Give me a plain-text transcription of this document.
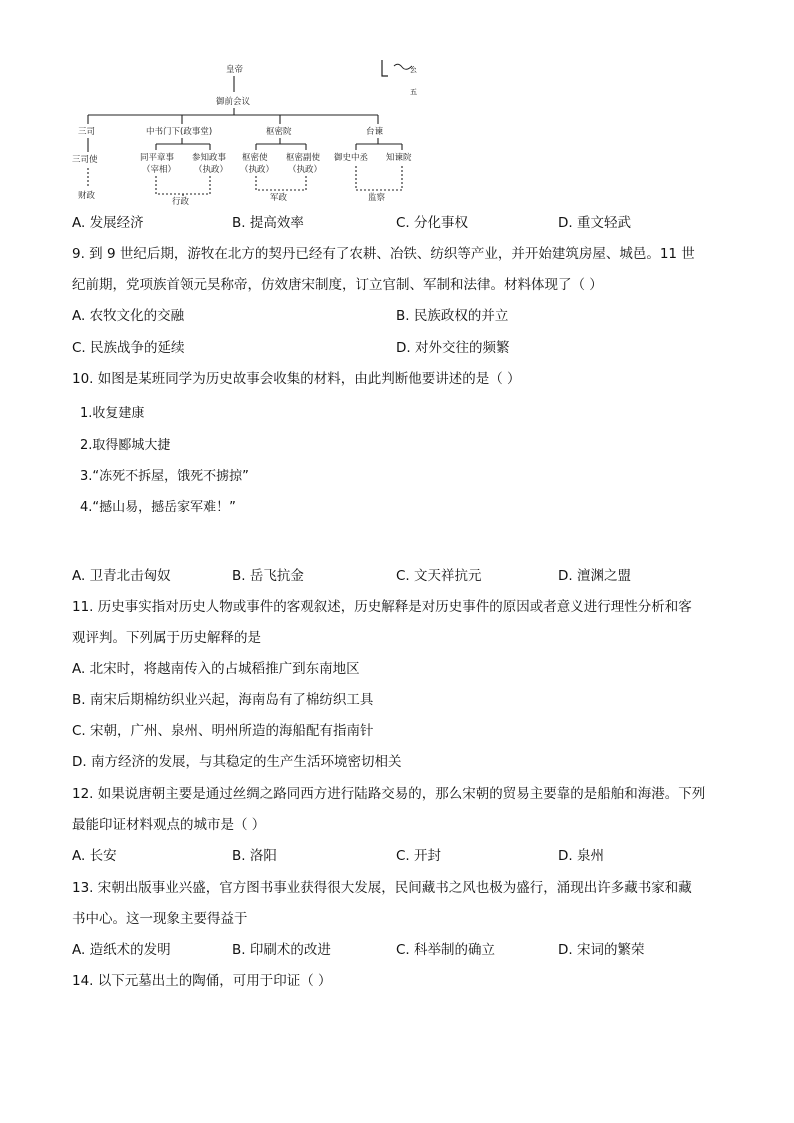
皇帝
御前会议
三司	中书门下(政事堂)	枢密院	台谏
三司使	同平章事
（宰相）
参知政事
（执政）
枢密使
（执政）
枢密副使
（执政）
御史中丞 知谏院
财政
行政	军政	监察
㕕
五
A. 发展经济	B. 提高效率	C. 分化事权	D. 重文轻武
9. 到 9 世纪后期，游牧在北方的契丹已经有了农耕、冶铁、纺织等产业，并开始建筑房屋、城邑。11 世
纪前期，党项族首领元昊称帝，仿效唐宋制度，订立官制、军制和法律。材料体现了（ ）
A. 农牧文化的交融	B. 民族政权的并立
C. 民族战争的延续	D. 对外交往的频繁
10. 如图是某班同学为历史故事会收集的材料，由此判断他要讲述的是（ ）
1.收复建康
2.取得郾城大捷
3.“冻死不拆屋，饿死不掳掠”
4.“撼山易，撼岳家军难！”
A. 卫青北击匈奴	B. 岳飞抗金	C. 文天祥抗元	D. 澶渊之盟
11. 历史事实指对历史人物或事件的客观叙述，历史解释是对历史事件的原因或者意义进行理性分析和客
观评判。下列属于历史解释的是
A. 北宋时，将越南传入的占城稻推广到东南地区
B. 南宋后期棉纺织业兴起，海南岛有了棉纺织工具
C. 宋朝，广州、泉州、明州所造的海船配有指南针
D. 南方经济的发展，与其稳定的生产生活环境密切相关
12. 如果说唐朝主要是通过丝绸之路同西方进行陆路交易的，那么宋朝的贸易主要靠的是船舶和海港。下列
最能印证材料观点的城市是（ ）
A. 长安	B. 洛阳	C. 开封	D. 泉州
13. 宋朝出版事业兴盛，官方图书事业获得很大发展，民间藏书之风也极为盛行，涌现出许多藏书家和藏
书中心。这一现象主要得益于
A. 造纸术的发明	B. 印刷术的改进	C. 科举制的确立	D. 宋词的繁荣
14. 以下元墓出土的陶俑，可用于印证（ ）
